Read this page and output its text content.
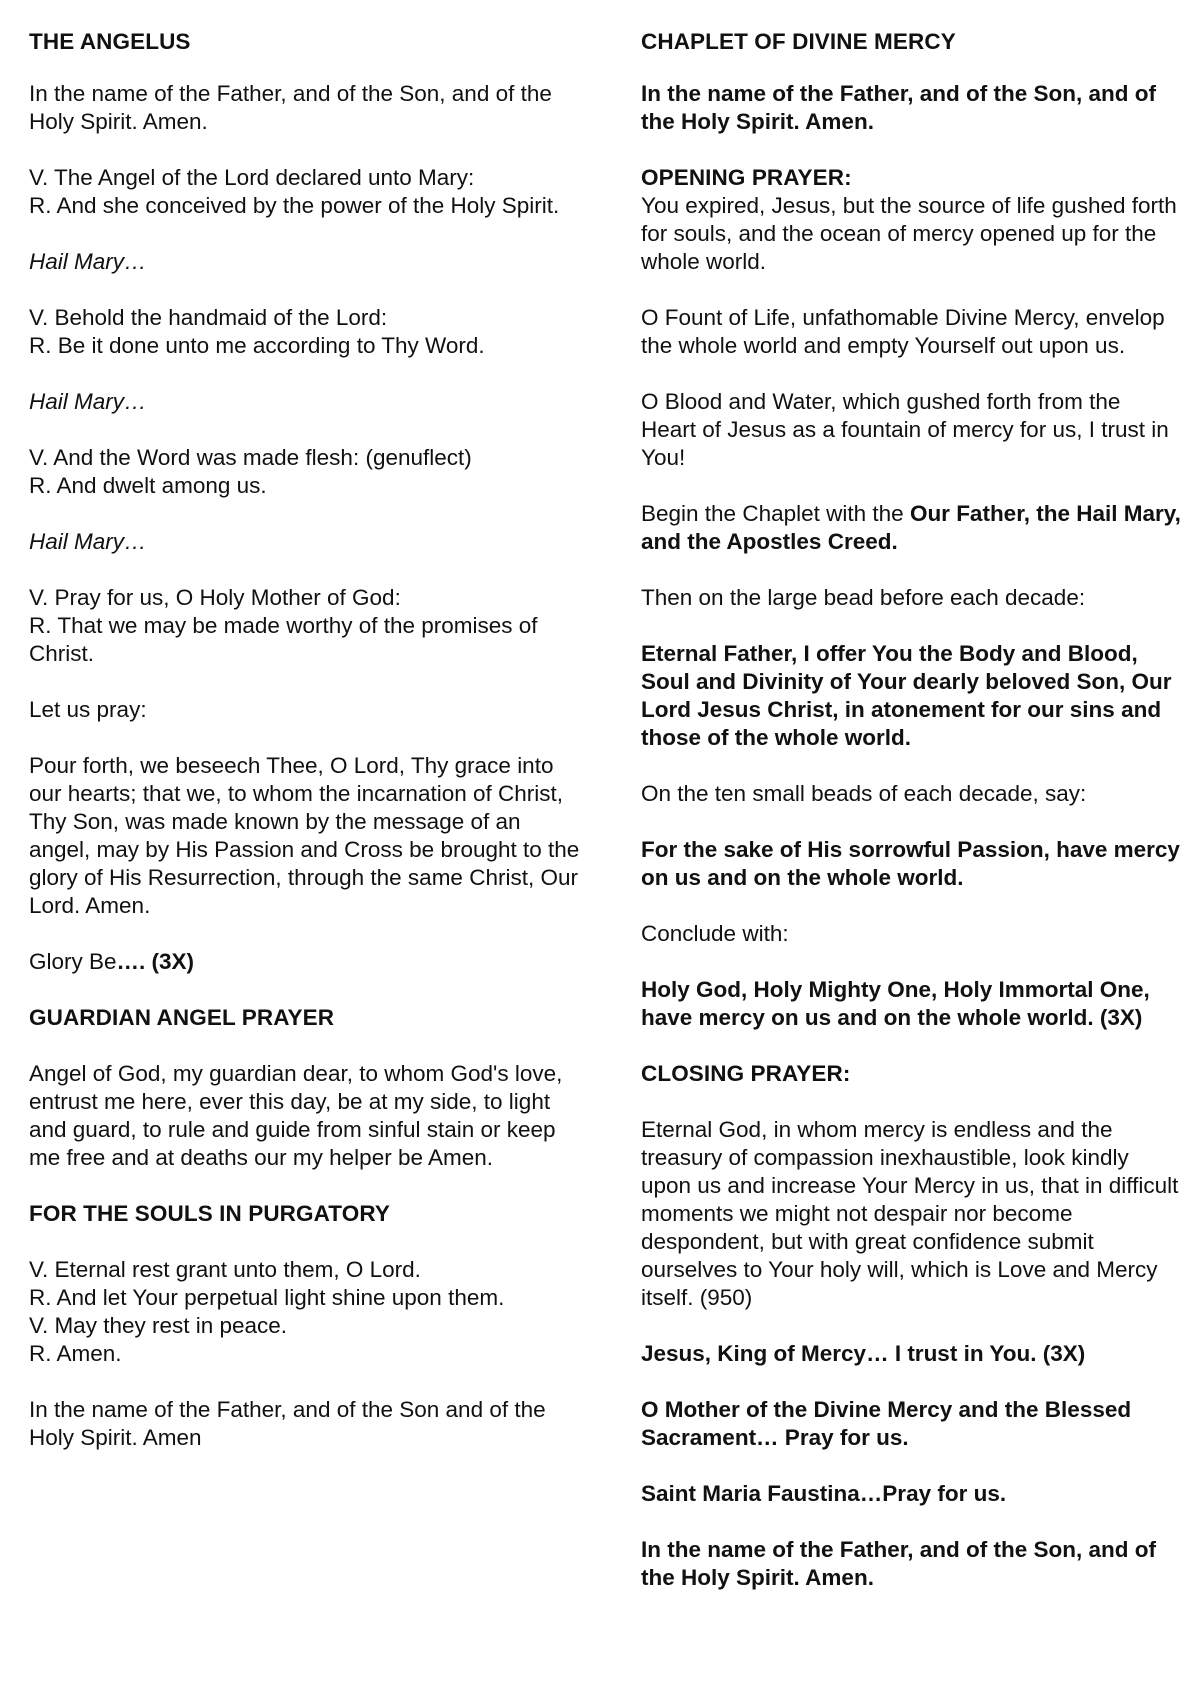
THE ANGELUS

In the name of the Father, and of the Son, and of the Holy Spirit. Amen.

V. The Angel of the Lord declared unto Mary:
R. And she conceived by the power of the Holy Spirit.

Hail Mary…

V. Behold the handmaid of the Lord:
R. Be it done unto me according to Thy Word.

Hail Mary…

V. And the Word was made flesh: (genuflect)
R. And dwelt among us.

Hail Mary…

V. Pray for us, O Holy Mother of God:
R. That we may be made worthy of the promises of Christ.

Let us pray:

Pour forth, we beseech Thee, O Lord, Thy grace into our hearts; that we, to whom the incarnation of Christ, Thy Son, was made known by the message of an angel, may by His Passion and Cross be brought to the glory of His Resurrection, through the same Christ, Our Lord. Amen.

Glory Be…. (3X)

GUARDIAN ANGEL PRAYER

Angel of God, my guardian dear, to whom God's love, entrust me here, ever this day, be at my side, to light and guard, to rule and guide from sinful stain or keep me free and at deaths our my helper be Amen.

FOR THE SOULS IN PURGATORY

V. Eternal rest grant unto them, O Lord.
R. And let Your perpetual light shine upon them.
V. May they rest in peace.
R. Amen.

In the name of the Father, and of the Son and of the Holy Spirit. Amen

CHAPLET OF DIVINE MERCY

In the name of the Father, and of the Son, and of the Holy Spirit. Amen.

OPENING PRAYER:

You expired, Jesus, but the source of life gushed forth for souls, and the ocean of mercy opened up for the whole world.

O Fount of Life, unfathomable Divine Mercy, envelop the whole world and empty Yourself out upon us.

O Blood and Water, which gushed forth from the Heart of Jesus as a fountain of mercy for us, I trust in You!

Begin the Chaplet with the Our Father, the Hail Mary, and the Apostles Creed.

Then on the large bead before each decade:

Eternal Father, I offer You the Body and Blood, Soul and Divinity of Your dearly beloved Son, Our Lord Jesus Christ, in atonement for our sins and those of the whole world.

On the ten small beads of each decade, say:

For the sake of His sorrowful Passion, have mercy on us and on the whole world.

Conclude with:

Holy God, Holy Mighty One, Holy Immortal One, have mercy on us and on the whole world. (3X)

CLOSING PRAYER:

Eternal God, in whom mercy is endless and the treasury of compassion inexhaustible, look kindly upon us and increase Your Mercy in us, that in difficult moments we might not despair nor become despondent, but with great confidence submit ourselves to Your holy will, which is Love and Mercy itself. (950)

Jesus, King of Mercy… I trust in You. (3X)

O Mother of the Divine Mercy and the Blessed Sacrament… Pray for us.

Saint Maria Faustina…Pray for us.

In the name of the Father, and of the Son, and of the Holy Spirit. Amen.
